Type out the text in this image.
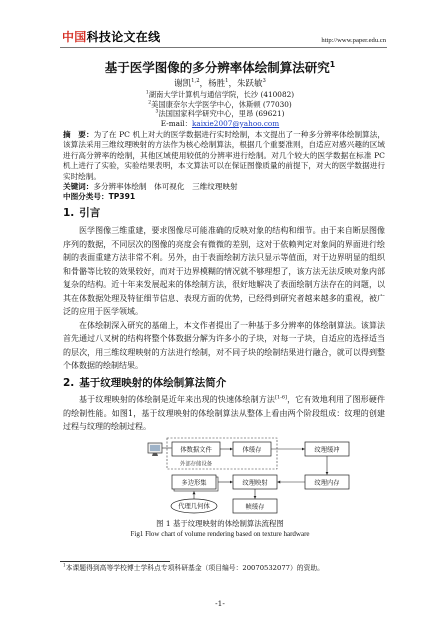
中国科技论文在线	http://www.paper.edu.cn
基于医学图像的多分辨率体绘制算法研究$^1$
谢凯$^{1,2}$，杨胜$^1$，朱跃敏$^3$
$^1$湖南大学计算机与通信学院，长沙 (410082)
$^2$美国康奈尔大学医学中心，休斯顿 (77030)
$^3$法国国家科学研究中心，里昂 (69621)
E-mail：kaixie2007@yahoo.com

摘　要：为了在 PC 机上对大的医学数据进行实时绘制，本文提出了一种多分辨率体绘制算法，该算法采用三维纹理映射的方法作为核心绘制算法，根据几个重要准则，自适应对感兴趣的区域进行高分辨率的绘制，其他区域使用较低的分辨率进行绘制。对几个较大的医学数据在标准 PC 机上进行了实验，实验结果表明，本文算法可以在保证图像质量的前提下，对大的医学数据进行实时绘制。

关键词：多分辨率体绘制　体可视化　三维纹理映射

中图分类号：TP391

1. 引言

医学图像三维重建，要求图像尽可能准确的反映对象的结构和细节。由于来自断层图像序列的数据，不同层次的图像的亮度会有微微的差别，这对于依赖判定对象间的界面进行绘制的表面重建方法非常不利。另外，由于表面绘制方法只显示等值面，对于边界明显的组织和骨骼等比较的效果较好，而对于边界模糊的情况就不够理想了，该方法无法反映对象内部复杂的结构。近十年来发展起来的体绘制方法，很好地解决了表面绘制方法存在的问题，以其在体数据处理及特征细节信息、表现方面的优势，已经得到研究者越来越多的重视，被广泛的应用于医学领域。

在体绘制深入研究的基础上，本文作者提出了一种基于多分辨率的体绘制算法。该算法首先通过八叉树的结构将整个体数据分解为许多小的子块，对每一子块，自适应的选择适当的层次，用三维纹理映射的方法进行绘制，对不同子块的绘制结果进行融合，就可以得到整个体数据的绘制结果。

2. 基于纹理映射的体绘制算法简介

基于纹理映射的体绘制是近年来出现的快速体绘制方法[1-6]，它有效地利用了图形硬件的绘制性能。如图1，基于纹理映射的体绘制算法从整体上看由两个阶段组成：纹理的创建过程与纹理的绘制过程。

体数据文件
外部存储设备
体缓存	纹理缓冲
多边形集	纹理映射	纹理内存
代理几何体	帧缓存
图 1 基于纹理映射的体绘制算法流程图
Fig1 Flow chart of volume rendering based on texture hardware
$^1$本课题得到高等学校博士学科点专项科研基金（项目编号：20070532077）的资助。
-1-
